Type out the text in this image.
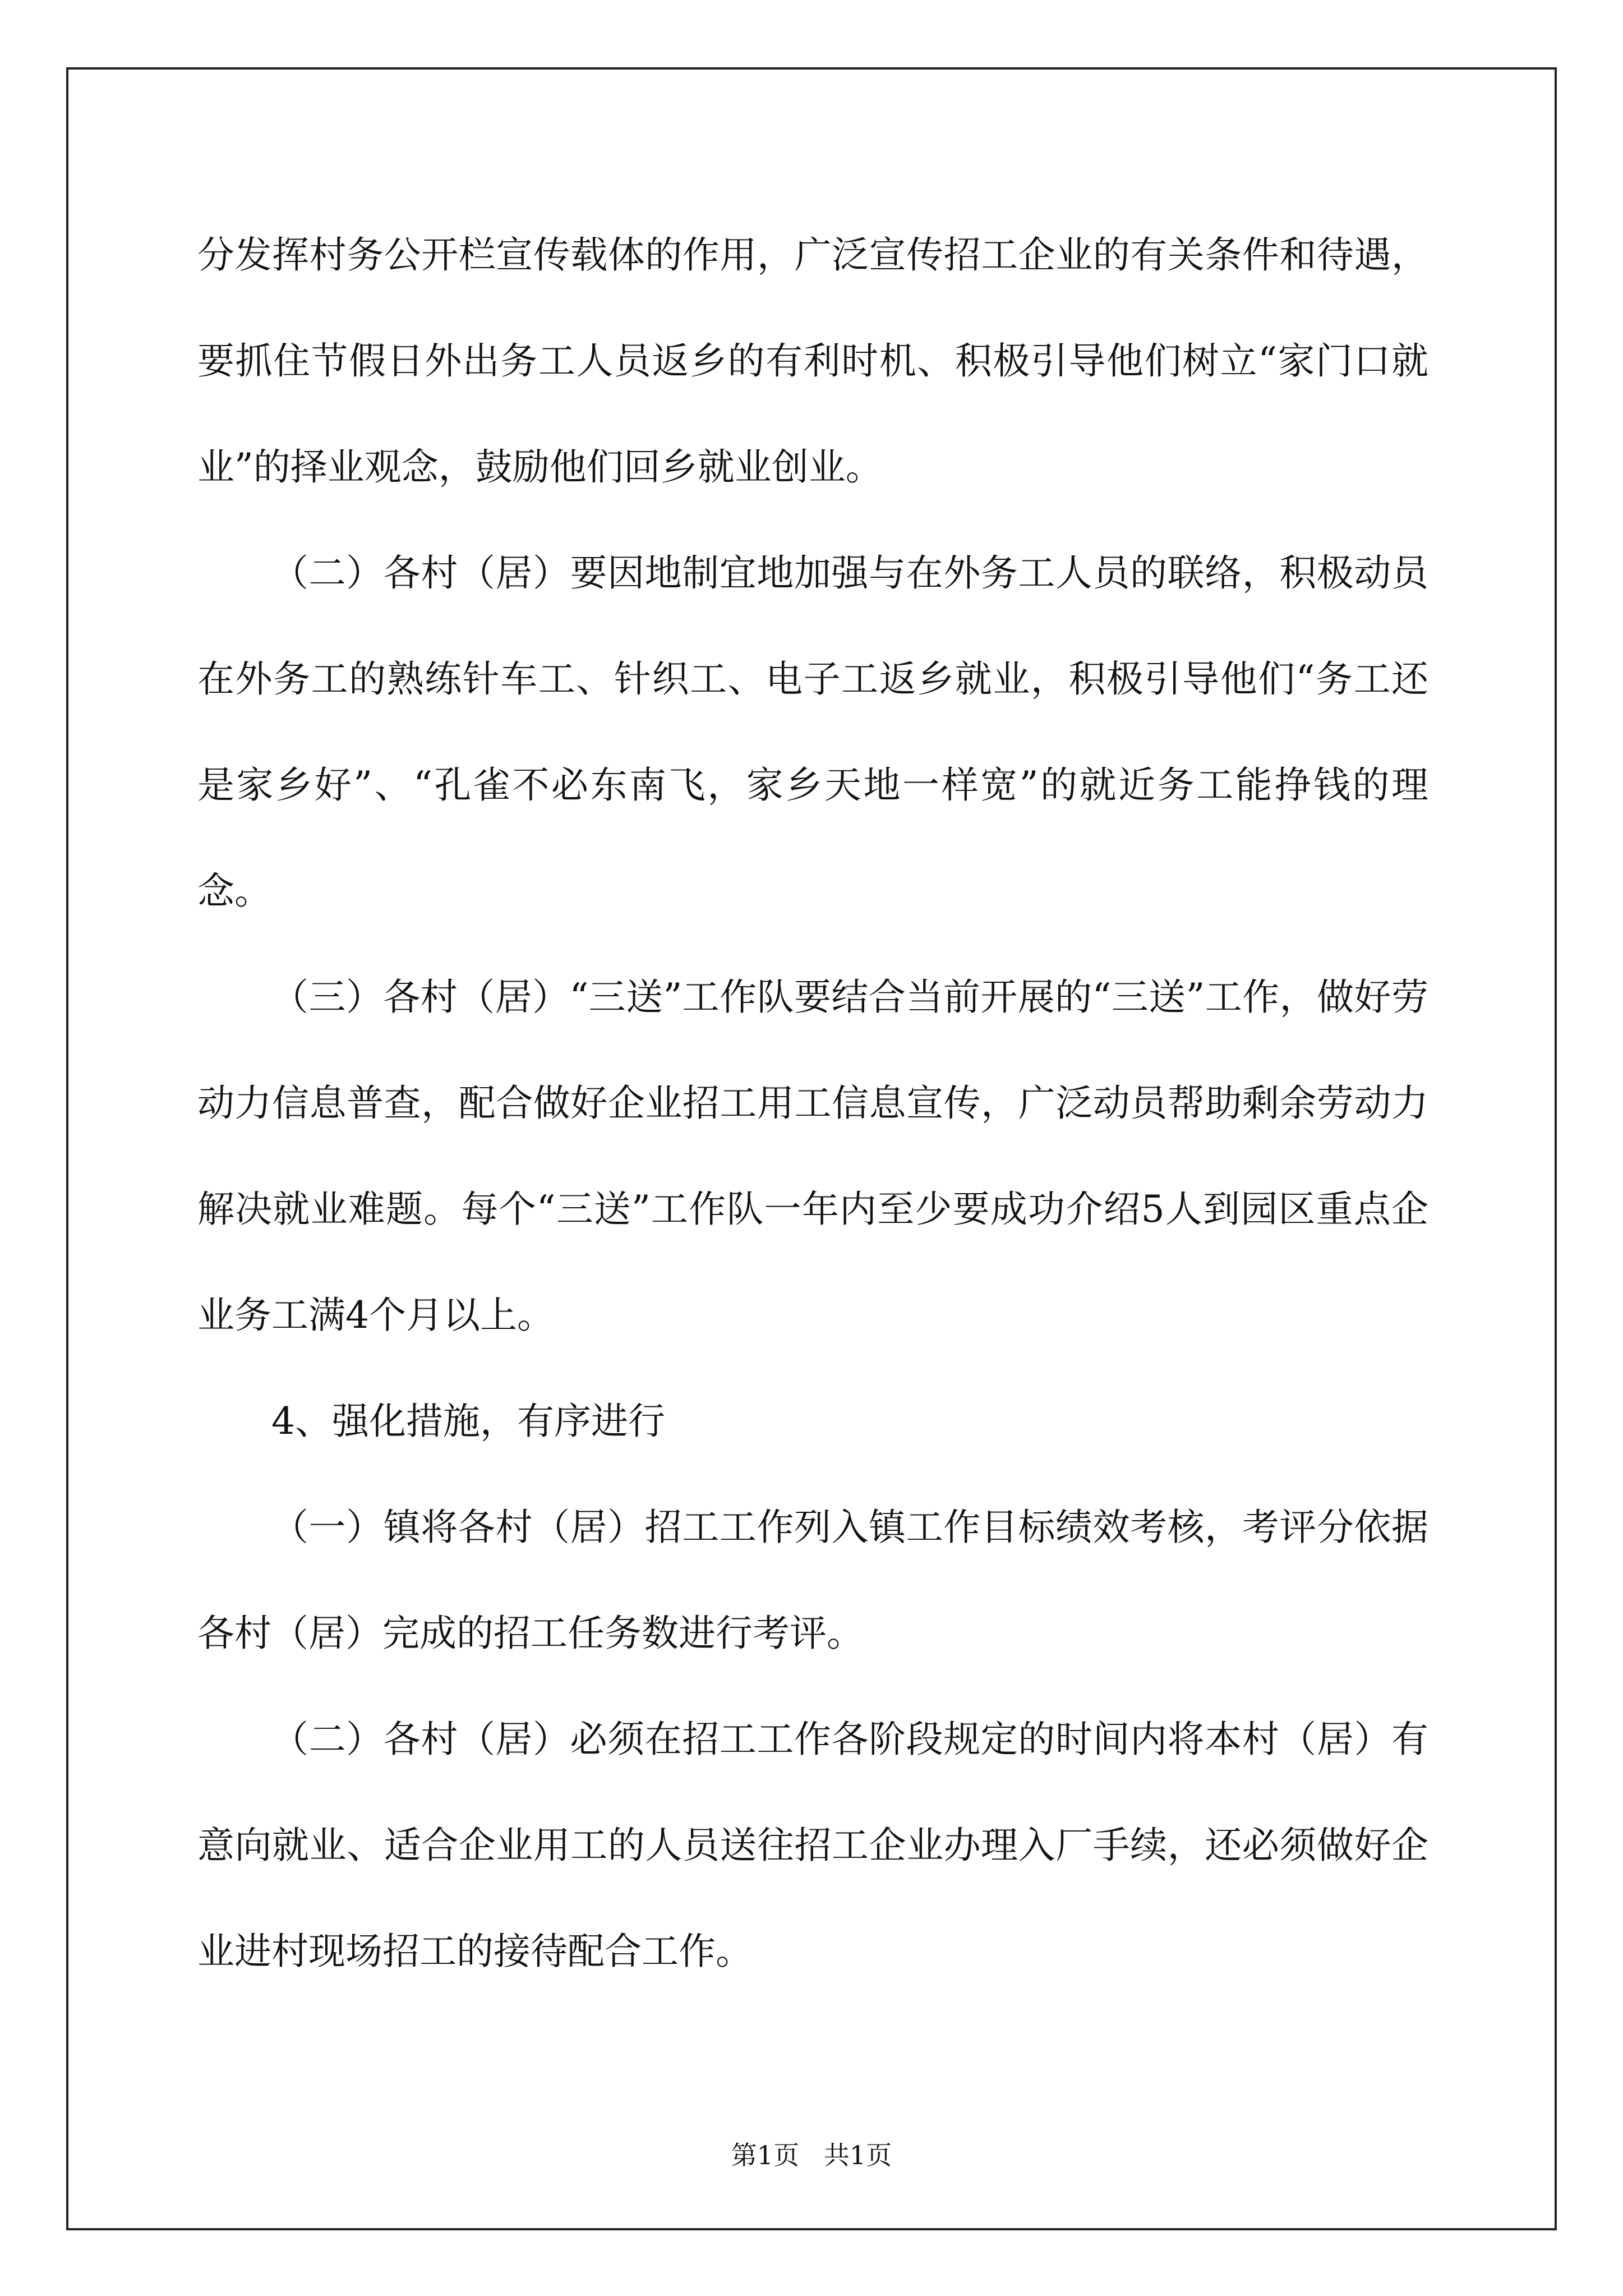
分发挥村务公开栏宣传载体的作用，广泛宣传招工企业的有关条件和待遇，要抓住节假日外出务工人员返乡的有利时机、积极引导他们树立“家门口就业”的择业观念，鼓励他们回乡就业创业。

（二）各村（居）要因地制宜地加强与在外务工人员的联络，积极动员在外务工的熟练针车工、针织工、电子工返乡就业，积极引导他们“务工还是家乡好”、“孔雀不必东南飞，家乡天地一样宽”的就近务工能挣钱的理念。

（三）各村（居）“三送”工作队要结合当前开展的“三送”工作，做好劳动力信息普查，配合做好企业招工用工信息宣传，广泛动员帮助剩余劳动力解决就业难题。每个“三送”工作队一年内至少要成功介绍5人到园区重点企业务工满4个月以上。

4、强化措施，有序进行

（一）镇将各村（居）招工工作列入镇工作目标绩效考核，考评分依据各村（居）完成的招工任务数进行考评。

（二）各村（居）必须在招工工作各阶段规定的时间内将本村（居）有意向就业、适合企业用工的人员送往招工企业办理入厂手续，还必须做好企业进村现场招工的接待配合工作。

第1页   共1页
